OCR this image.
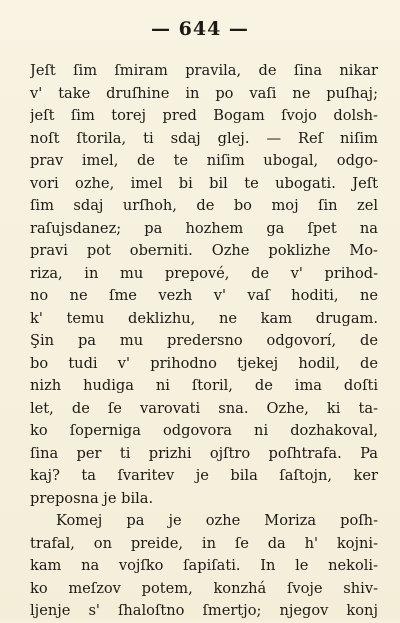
— 644 —
Jeſt ſim ſmiram pravila, de ſina nikar
v' take druſhine in po vaſi ne puſhaj;
jeſt ſim torej pred Bogam ſvojo dolsh-
noſt ſtorila, ti sdaj glej. — Reſ niſim
prav imel, de te niſim ubogal, odgo-
vori ozhe, imel bi bil te ubogati. Jeſt
ſim sdaj urſhoh, de bo moj ſin zel
raſujsdanez; pa hozhem ga ſpet na
pravi pot oberniti. Ozhe poklizhe Mo-
riza, in mu prepové, de v' prihod-
no ne ſme vezh v' vaſ hoditi, ne
k' temu deklizhu, ne kam drugam.
Şin pa mu predersno odgovorí, de
bo tudi v' prihodno tjekej hodil, de
nizh hudiga ni ſtoril, de ima doſti
let, de ſe varovati sna. Ozhe, ki ta-
ko ſoperniga odgovora ni dozhakoval,
ſina per ti prizhi ojſtro poſhtrafa. Pa
kaj? ta ſvaritev je bila ſaſtojn, ker
preposna je bila.
Komej pa je ozhe Moriza poſh-
trafal, on preide, in ſe da h' kojni-
kam na vojſko ſapiſati. In le nekoli-
ko meſzov potem, konzhá ſvoje shiv-
ljenje s' ſhaloſtno ſmertjo; njegov konj
